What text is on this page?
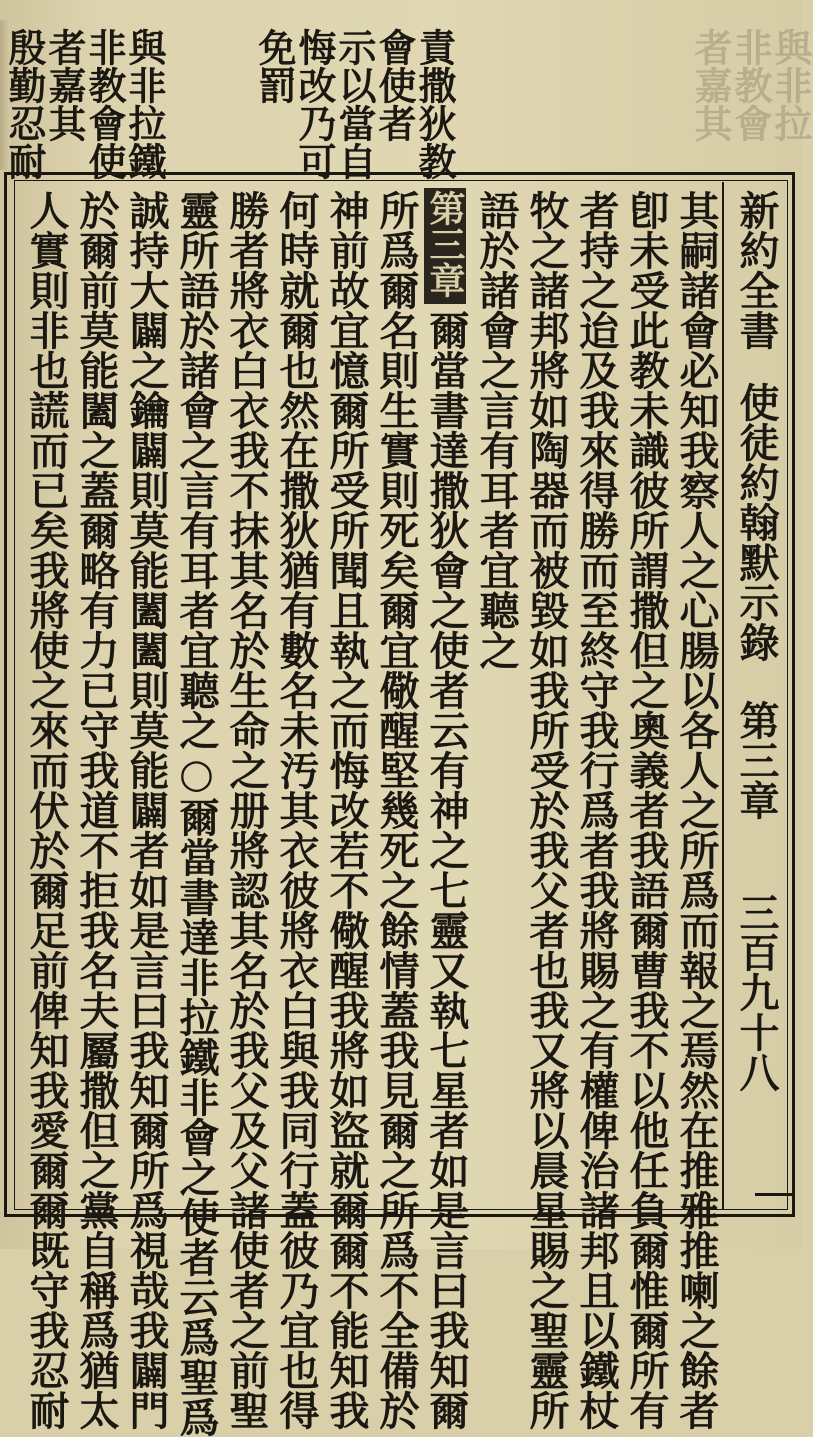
與非拉
非教會
者嘉其
責撒狄教
會使者
示以當自
悔改乃可
免罰
與非拉鐵
非教會使
者嘉其
殷勤忍耐
新約全書
使徒約翰默示錄
第三章
三百九十八
其嗣諸會必知我察人之心腸以各人之所爲而報之焉然在推雅推喇之餘者
卽未受此教未識彼所謂撒但之奧義者我語爾曹我不以他任負爾惟爾所有
者持之迨及我來得勝而至終守我行爲者我將賜之有權俾治諸邦且以鐵杖
牧之諸邦將如陶器而被毀如我所受於我父者也我又將以晨星賜之聖靈所
語於諸會之言有耳者宜聽之
第三章
爾當書達撒狄會之使者云有神之七靈又執七星者如是言曰我知爾
所爲爾名則生實則死矣爾宜儆醒堅幾死之餘情蓋我見爾之所爲不全備於
神前故宜憶爾所受所聞且執之而悔改若不儆醒我將如盜就爾爾不能知我
何時就爾也然在撒狄猶有數名未汚其衣彼將衣白與我同行蓋彼乃宜也得
勝者將衣白衣我不抹其名於生命之册將認其名於我父及父諸使者之前聖
靈所語於諸會之言有耳者宜聽之○爾當書達非拉鐵非會之使者云爲聖爲
誠持大闢之鑰闢則莫能闔闔則莫能闢者如是言曰我知爾所爲視哉我闢門
於爾前莫能闔之蓋爾略有力已守我道不拒我名夫屬撒但之黨自稱爲猶太
人實則非也謊而已矣我將使之來而伏於爾足前俾知我愛爾爾既守我忍耐
